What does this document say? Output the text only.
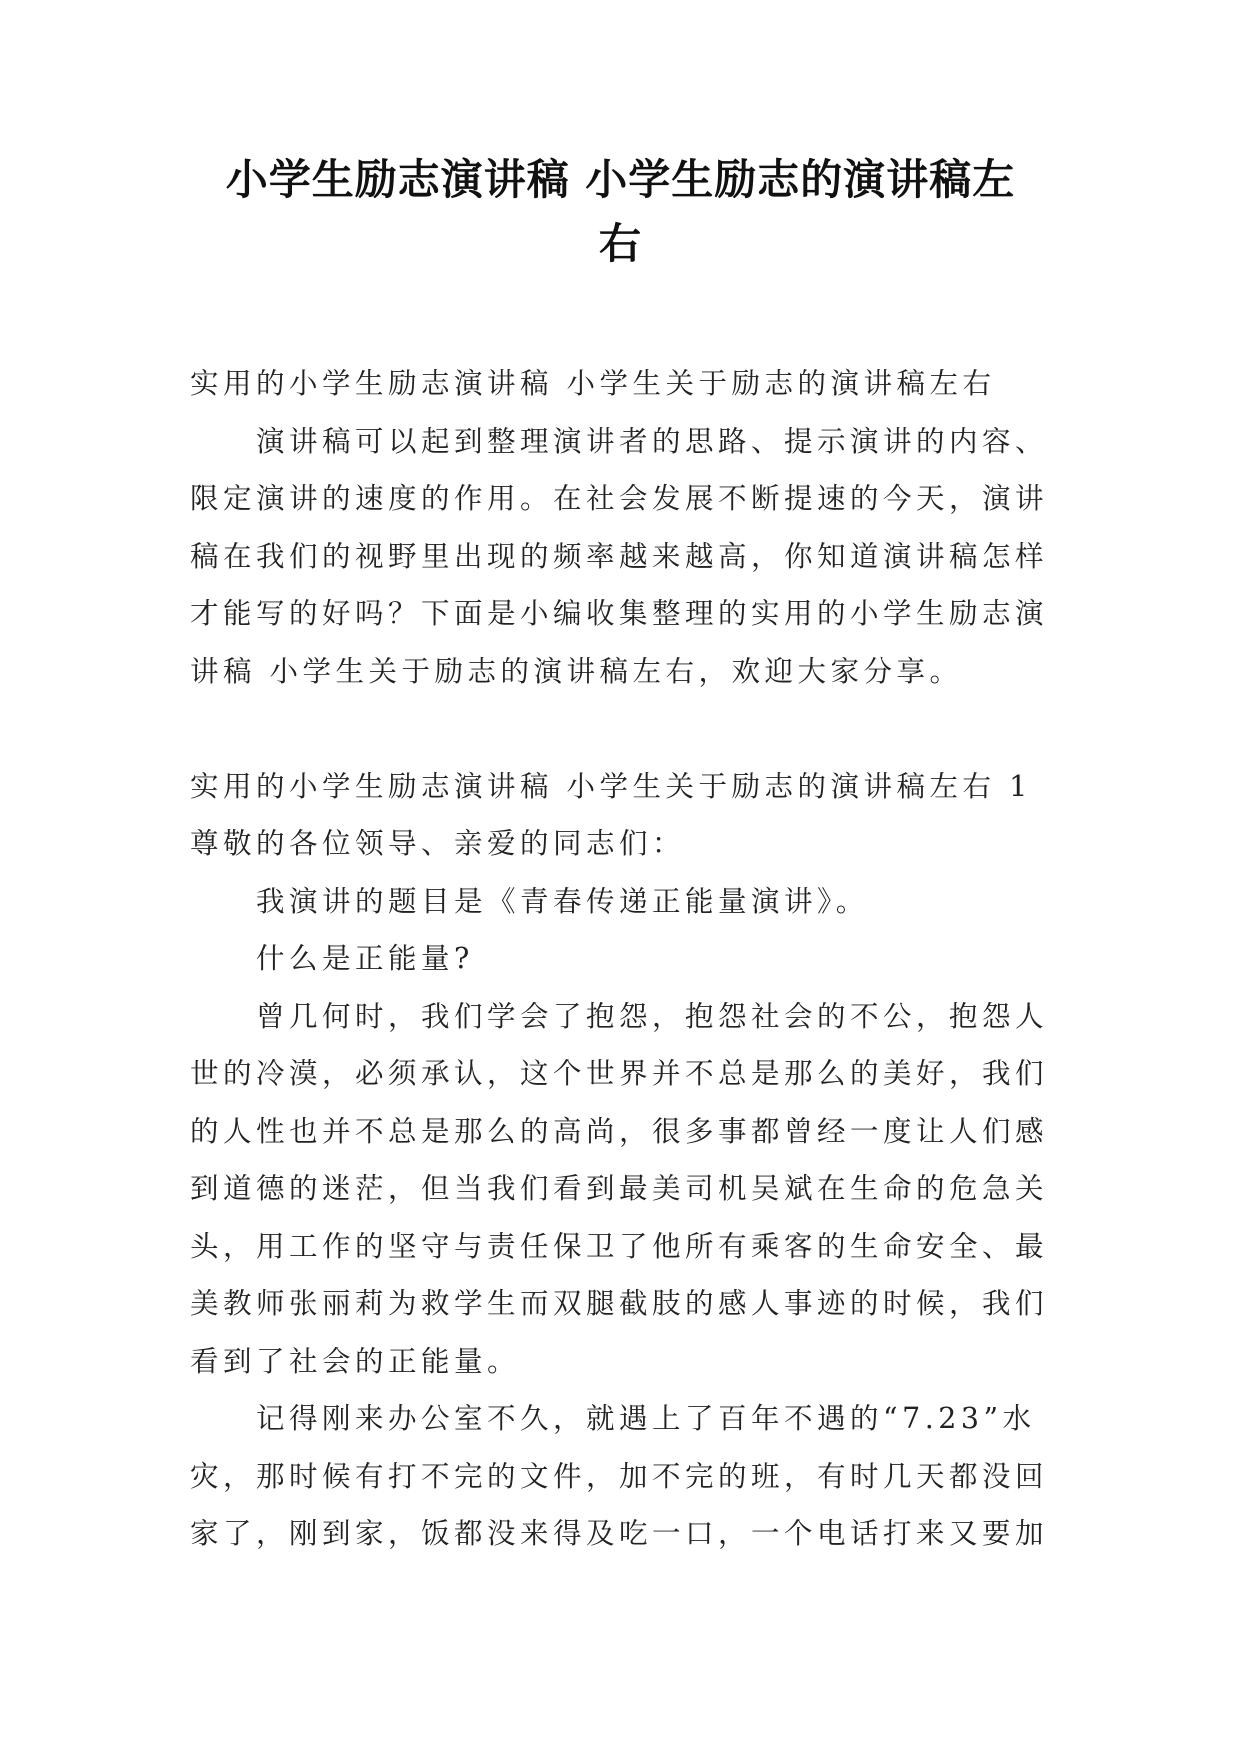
小学生励志演讲稿 小学生励志的演讲稿左
右

实用的小学生励志演讲稿 小学生关于励志的演讲稿左右

演讲稿可以起到整理演讲者的思路、提示演讲的内容、限定演讲的速度的作用。在社会发展不断提速的今天，演讲稿在我们的视野里出现的频率越来越高，你知道演讲稿怎样才能写的好吗？下面是小编收集整理的实用的小学生励志演讲稿 小学生关于励志的演讲稿左右，欢迎大家分享。

实用的小学生励志演讲稿 小学生关于励志的演讲稿左右 1

尊敬的各位领导、亲爱的同志们：

我演讲的题目是《青春传递正能量演讲》。

什么是正能量?

曾几何时，我们学会了抱怨，抱怨社会的不公，抱怨人世的冷漠，必须承认，这个世界并不总是那么的美好，我们的人性也并不总是那么的高尚，很多事都曾经一度让人们感到道德的迷茫，但当我们看到最美司机吴斌在生命的危急关头，用工作的坚守与责任保卫了他所有乘客的生命安全、最美教师张丽莉为救学生而双腿截肢的感人事迹的时候，我们看到了社会的正能量。

记得刚来办公室不久，就遇上了百年不遇的“7.23”水灾，那时候有打不完的文件，加不完的班，有时几天都没回家了，刚到家，饭都没来得及吃一口，一个电话打来又要加
